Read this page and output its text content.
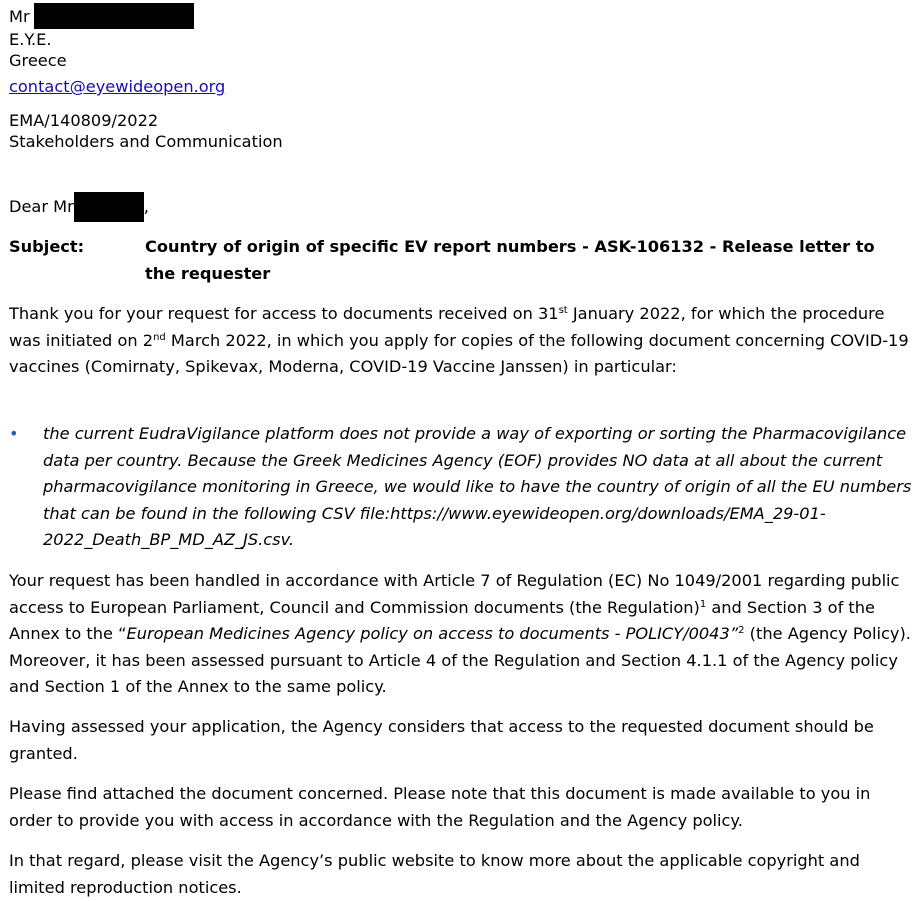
Mr
E.Y.E.
Greece
contact@eyewideopen.org
EMA/140809/2022
Stakeholders and Communication
Dear Mr	,
Subject:	Country of origin of specific EV report numbers - ASK-106132 - Release letter to the requester
Thank you for your request for access to documents received on 31st January 2022, for which the procedure was initiated on 2nd March 2022, in which you apply for copies of the following document concerning COVID-19 vaccines (Comirnaty, Spikevax, Moderna, COVID-19 Vaccine Janssen) in particular:
• the current EudraVigilance platform does not provide a way of exporting or sorting the Pharmacovigilance data per country. Because the Greek Medicines Agency (EOF) provides NO data at all about the current pharmacovigilance monitoring in Greece, we would like to have the country of origin of all the EU numbers that can be found in the following CSV file:https://www.eyewideopen.org/downloads/EMA_29-01-2022_Death_BP_MD_AZ_JS.csv.
Your request has been handled in accordance with Article 7 of Regulation (EC) No 1049/2001 regarding public access to European Parliament, Council and Commission documents (the Regulation)$^1$ and Section 3 of the Annex to the “European Medicines Agency policy on access to documents - POLICY/0043”$^2$ (the Agency Policy). Moreover, it has been assessed pursuant to Article 4 of the Regulation and Section 4.1.1 of the Agency policy and Section 1 of the Annex to the same policy.
Having assessed your application, the Agency considers that access to the requested document should be granted.
Please find attached the document concerned. Please note that this document is made available to you in order to provide you with access in accordance with the Regulation and the Agency policy.
In that regard, please visit the Agency’s public website to know more about the applicable copyright and limited reproduction notices.
